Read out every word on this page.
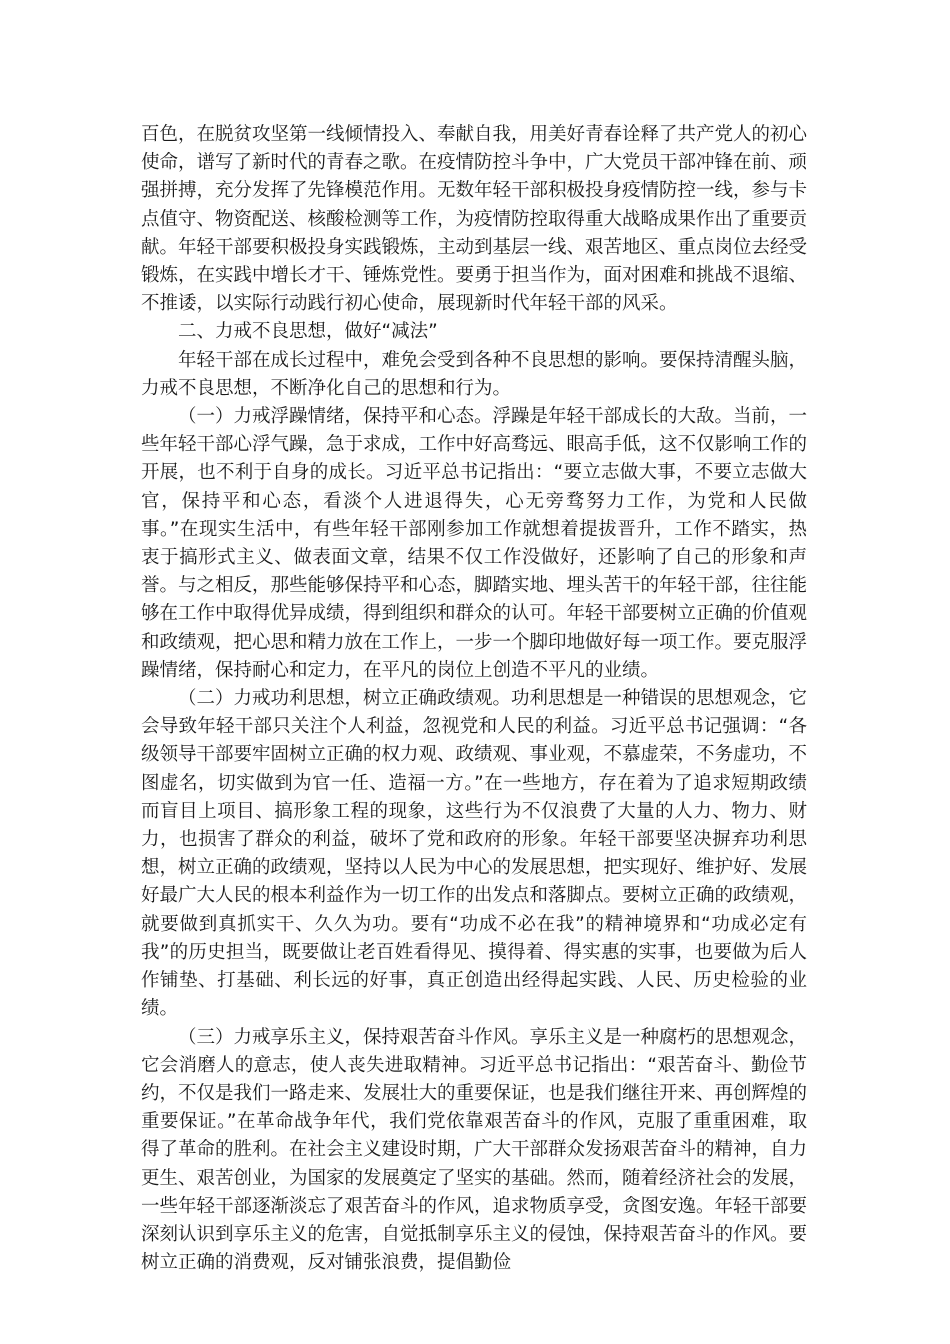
百色，在脱贫攻坚第一线倾情投入、奉献自我，用美好青春诠释了共产党人的初心使命，谱写了新时代的青春之歌。在疫情防控斗争中，广大党员干部冲锋在前、顽强拼搏，充分发挥了先锋模范作用。无数年轻干部积极投身疫情防控一线，参与卡点值守、物资配送、核酸检测等工作，为疫情防控取得重大战略成果作出了重要贡献。年轻干部要积极投身实践锻炼，主动到基层一线、艰苦地区、重点岗位去经受锻炼，在实践中增长才干、锤炼党性。要勇于担当作为，面对困难和挑战不退缩、不推诿，以实际行动践行初心使命，展现新时代年轻干部的风采。

二、力戒不良思想，做好“减法”

年轻干部在成长过程中，难免会受到各种不良思想的影响。要保持清醒头脑，力戒不良思想，不断净化自己的思想和行为。

（一）力戒浮躁情绪，保持平和心态。浮躁是年轻干部成长的大敌。当前，一些年轻干部心浮气躁，急于求成，工作中好高骛远、眼高手低，这不仅影响工作的开展，也不利于自身的成长。习近平总书记指出：“要立志做大事，不要立志做大官，保持平和心态，看淡个人进退得失，心无旁骛努力工作，为党和人民做事。”在现实生活中，有些年轻干部刚参加工作就想着提拔晋升，工作不踏实，热衷于搞形式主义、做表面文章，结果不仅工作没做好，还影响了自己的形象和声誉。与之相反，那些能够保持平和心态，脚踏实地、埋头苦干的年轻干部，往往能够在工作中取得优异成绩，得到组织和群众的认可。年轻干部要树立正确的价值观和政绩观，把心思和精力放在工作上，一步一个脚印地做好每一项工作。要克服浮躁情绪，保持耐心和定力，在平凡的岗位上创造不平凡的业绩。

（二）力戒功利思想，树立正确政绩观。功利思想是一种错误的思想观念，它会导致年轻干部只关注个人利益，忽视党和人民的利益。习近平总书记强调：“各级领导干部要牢固树立正确的权力观、政绩观、事业观，不慕虚荣，不务虚功，不图虚名，切实做到为官一任、造福一方。”在一些地方，存在着为了追求短期政绩而盲目上项目、搞形象工程的现象，这些行为不仅浪费了大量的人力、物力、财力，也损害了群众的利益，破坏了党和政府的形象。年轻干部要坚决摒弃功利思想，树立正确的政绩观，坚持以人民为中心的发展思想，把实现好、维护好、发展好最广大人民的根本利益作为一切工作的出发点和落脚点。要树立正确的政绩观，就要做到真抓实干、久久为功。要有“功成不必在我”的精神境界和“功成必定有我”的历史担当，既要做让老百姓看得见、摸得着、得实惠的实事，也要做为后人作铺垫、打基础、利长远的好事，真正创造出经得起实践、人民、历史检验的业绩。

（三）力戒享乐主义，保持艰苦奋斗作风。享乐主义是一种腐朽的思想观念，它会消磨人的意志，使人丧失进取精神。习近平总书记指出：“艰苦奋斗、勤俭节约，不仅是我们一路走来、发展壮大的重要保证，也是我们继往开来、再创辉煌的重要保证。”在革命战争年代，我们党依靠艰苦奋斗的作风，克服了重重困难，取得了革命的胜利。在社会主义建设时期，广大干部群众发扬艰苦奋斗的精神，自力更生、艰苦创业，为国家的发展奠定了坚实的基础。然而，随着经济社会的发展，一些年轻干部逐渐淡忘了艰苦奋斗的作风，追求物质享受，贪图安逸。年轻干部要深刻认识到享乐主义的危害，自觉抵制享乐主义的侵蚀，保持艰苦奋斗的作风。要树立正确的消费观，反对铺张浪费，提倡勤俭
